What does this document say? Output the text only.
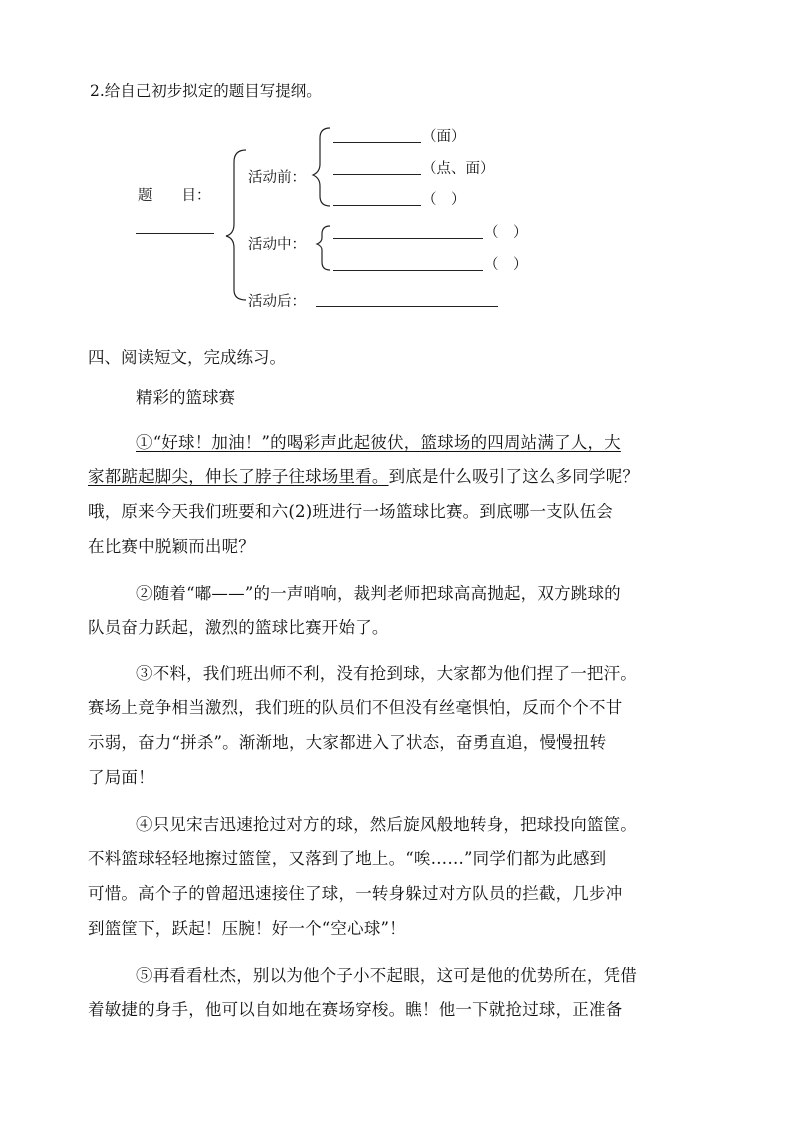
2.给自己初步拟定的题目写提纲。
题　　目：
活动前：
（面）
（点、面）
（　）
活动中：
（　）
（　）
活动后：
四、阅读短文，完成练习。
精彩的篮球赛
①“好球！加油！”的喝彩声此起彼伏，篮球场的四周站满了人，大
家都踮起脚尖，伸长了脖子往球场里看。到底是什么吸引了这么多同学呢？
哦，原来今天我们班要和六(2)班进行一场篮球比赛。到底哪一支队伍会
在比赛中脱颖而出呢？
②随着“嘟——”的一声哨响，裁判老师把球高高抛起，双方跳球的
队员奋力跃起，激烈的篮球比赛开始了。
③不料，我们班出师不利，没有抢到球，大家都为他们捏了一把汗。
赛场上竞争相当激烈，我们班的队员们不但没有丝毫惧怕，反而个个不甘
示弱，奋力“拼杀”。渐渐地，大家都进入了状态，奋勇直追，慢慢扭转
了局面！
④只见宋吉迅速抢过对方的球，然后旋风般地转身，把球投向篮筐。
不料篮球轻轻地擦过篮筐，又落到了地上。“唉……”同学们都为此感到
可惜。高个子的曾超迅速接住了球，一转身躲过对方队员的拦截，几步冲
到篮筐下，跃起！压腕！好一个“空心球”！
⑤再看看杜杰，别以为他个子小不起眼，这可是他的优势所在，凭借
着敏捷的身手，他可以自如地在赛场穿梭。瞧！他一下就抢过球，正准备
